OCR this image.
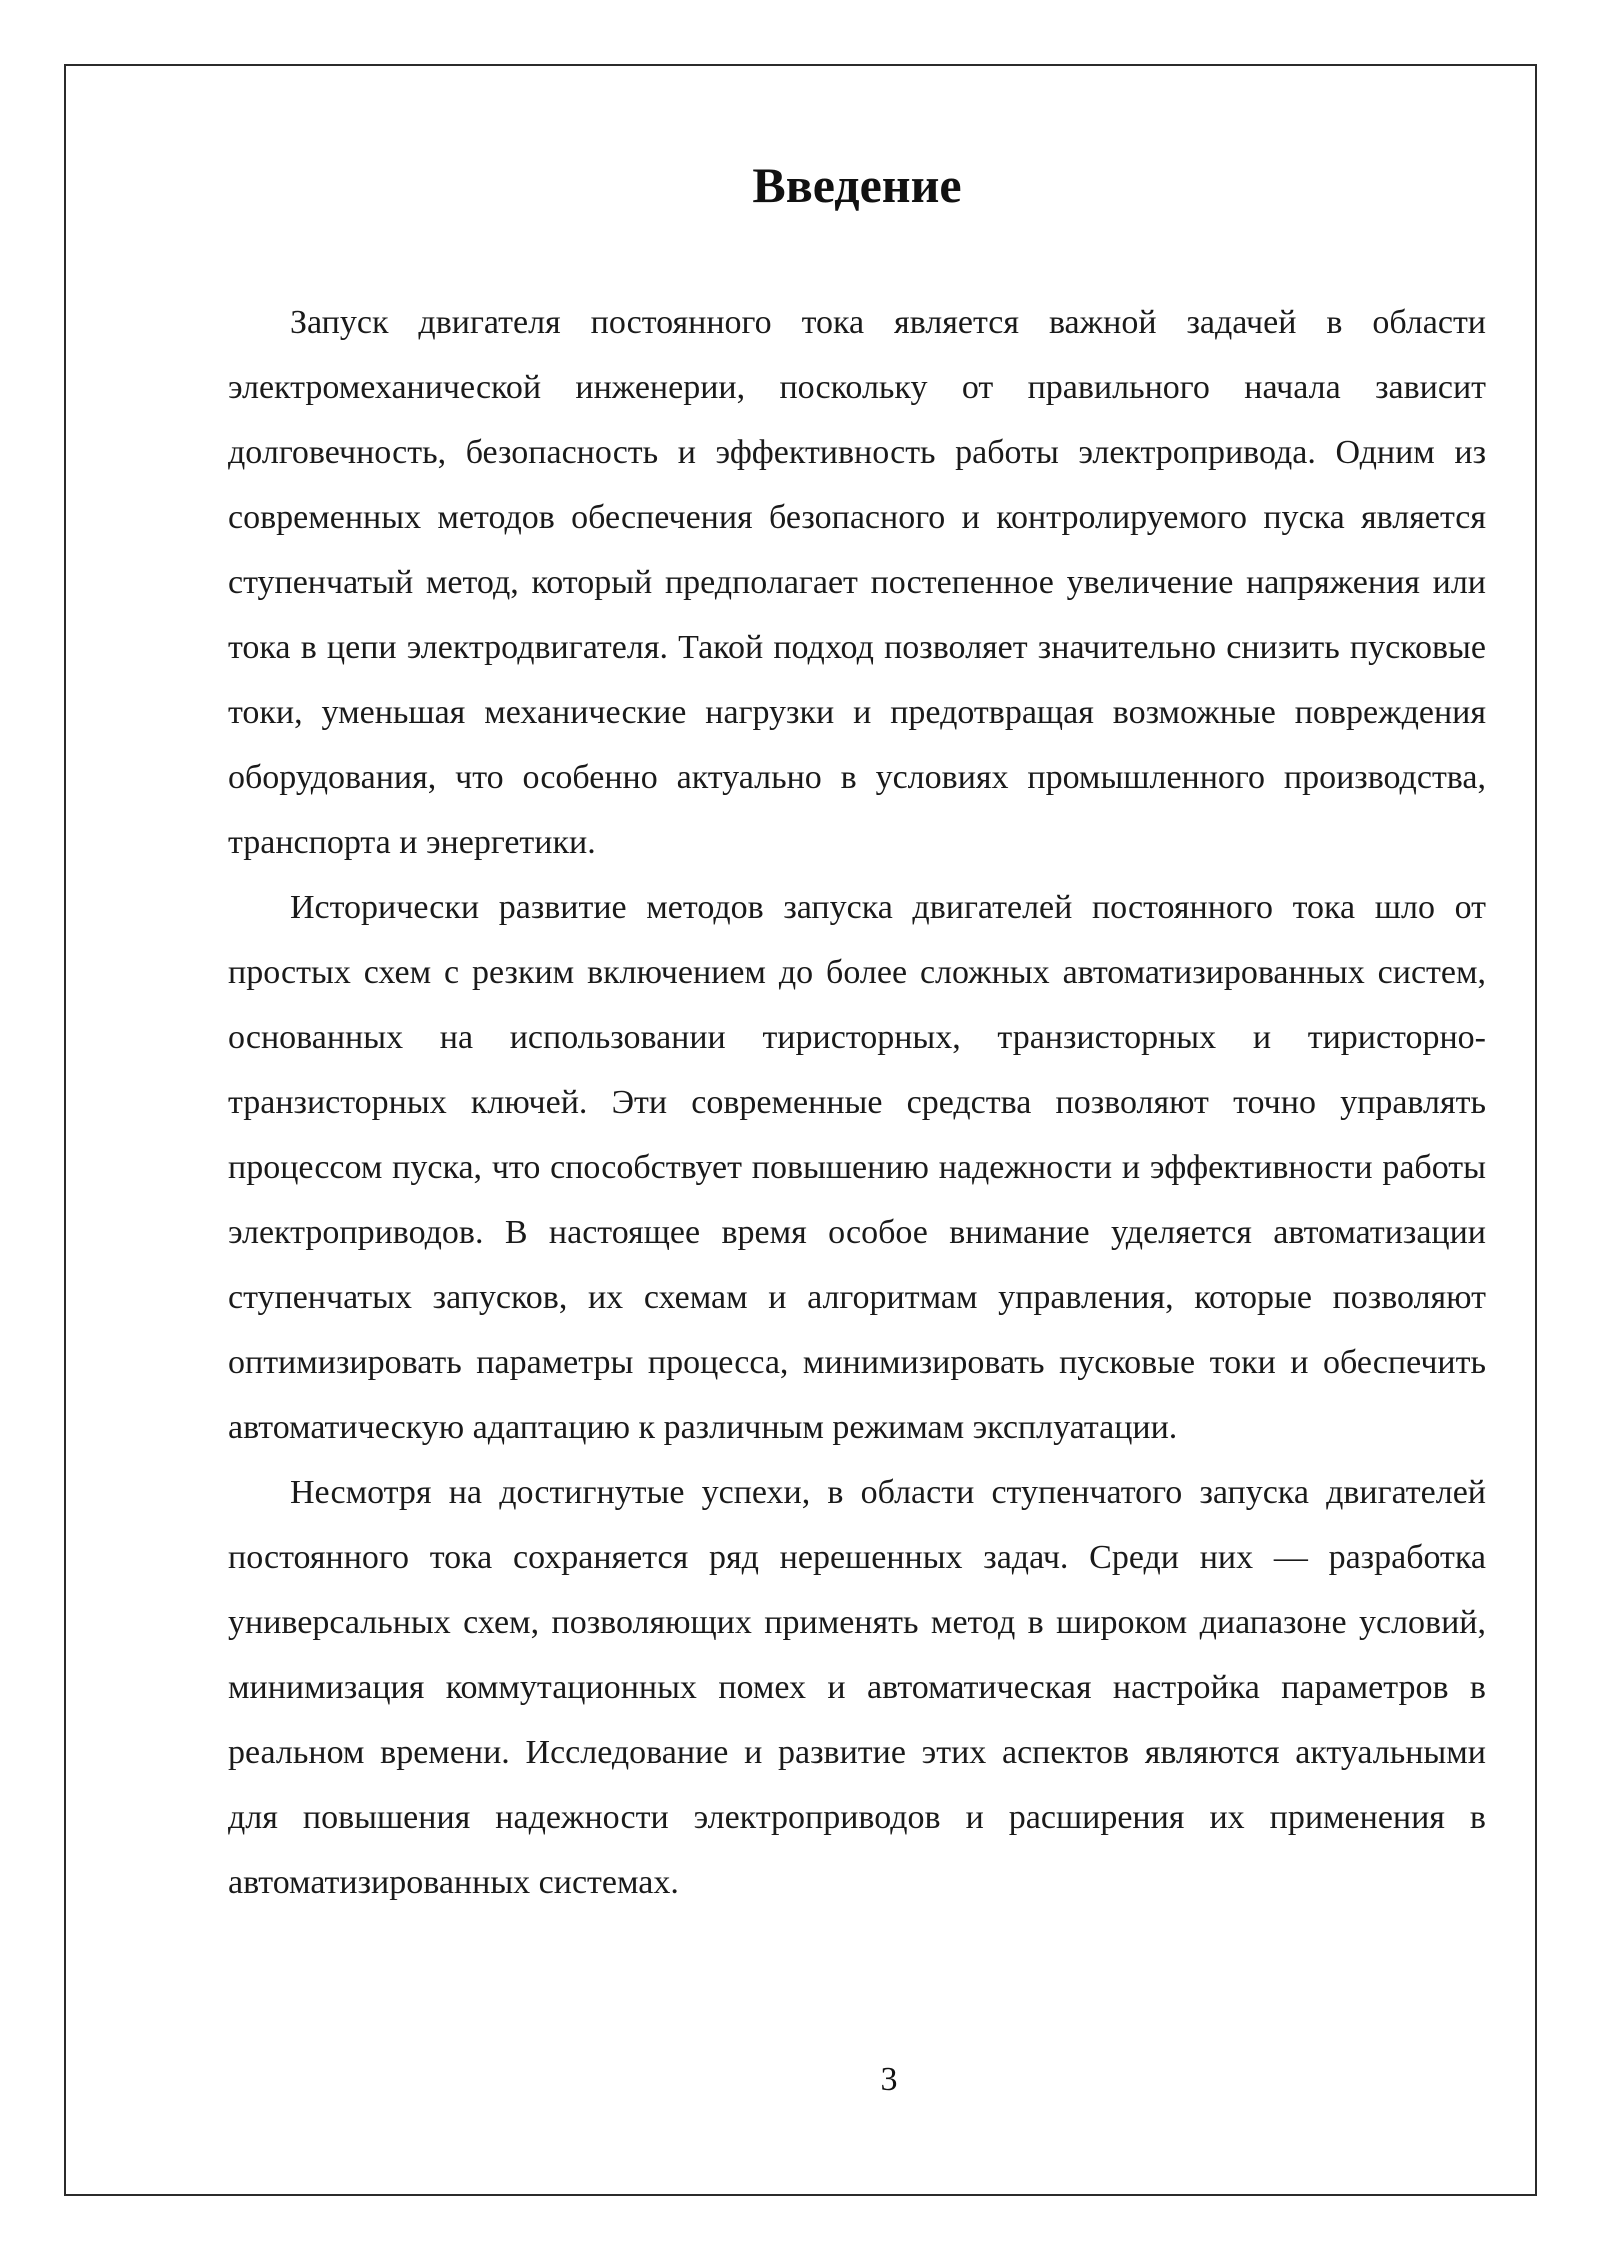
Введение

Запуск двигателя постоянного тока является важной задачей в области электромеханической инженерии, поскольку от правильного начала зависит долговечность, безопасность и эффективность работы электропривода. Одним из современных методов обеспечения безопасного и контролируемого пуска является ступенчатый метод, который предполагает постепенное увеличение напряжения или тока в цепи электродвигателя. Такой подход позволяет значительно снизить пусковые токи, уменьшая механические нагрузки и предотвращая возможные повреждения оборудования, что особенно актуально в условиях промышленного производства, транспорта и энергетики.

Исторически развитие методов запуска двигателей постоянного тока шло от простых схем с резким включением до более сложных автоматизированных систем, основанных на использовании тиристорных, транзисторных и тиристорно-транзисторных ключей. Эти современные средства позволяют точно управлять процессом пуска, что способствует повышению надежности и эффективности работы электроприводов. В настоящее время особое внимание уделяется автоматизации ступенчатых запусков, их схемам и алгоритмам управления, которые позволяют оптимизировать параметры процесса, минимизировать пусковые токи и обеспечить автоматическую адаптацию к различным режимам эксплуатации.

Несмотря на достигнутые успехи, в области ступенчатого запуска двигателей постоянного тока сохраняется ряд нерешенных задач. Среди них — разработка универсальных схем, позволяющих применять метод в широком диапазоне условий, минимизация коммутационных помех и автоматическая настройка параметров в реальном времени. Исследование и развитие этих аспектов являются актуальными для повышения надежности электроприводов и расширения их применения в автоматизированных системах.

3
